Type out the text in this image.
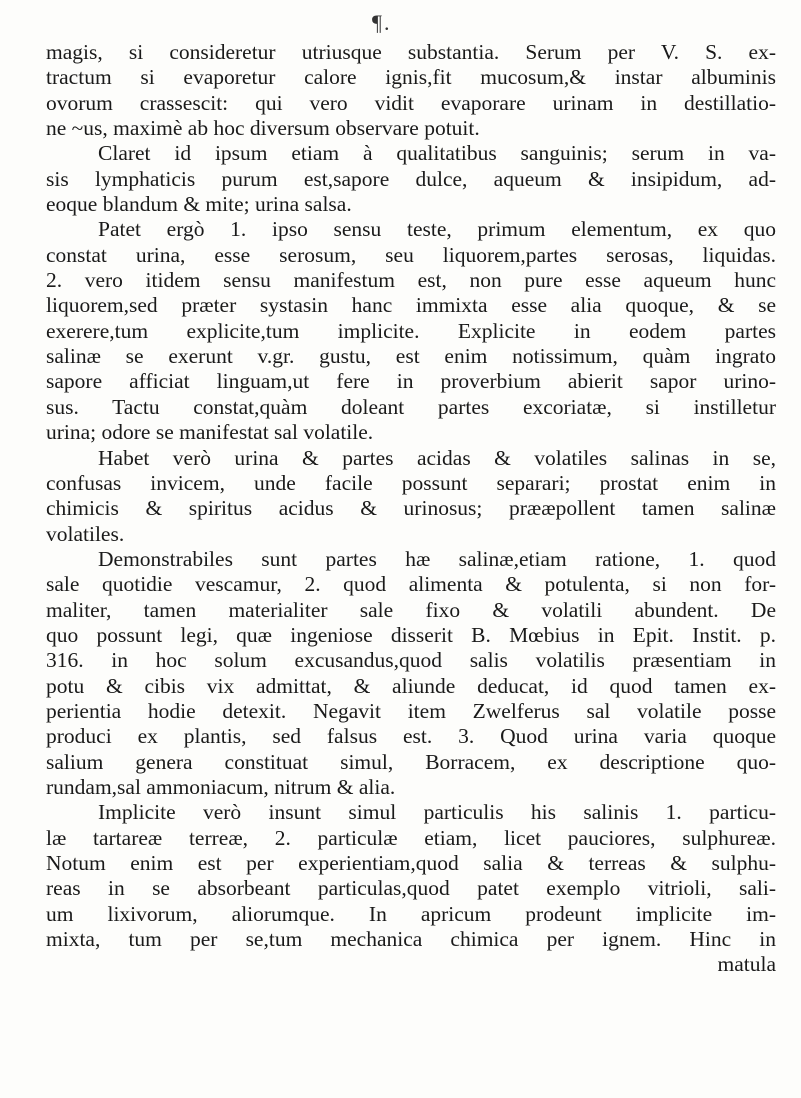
¶.
magis, si consideretur utriusque substantia. Serum per V. S. ex-
tractum si evaporetur calore ignis,fit mucosum,& instar albuminis
ovorum crassescit: qui vero vidit evaporare urinam in destillatio-
ne ~us, maximè ab hoc diversum observare potuit.
Claret id ipsum etiam à qualitatibus sanguinis; serum in va-
sis lymphaticis purum est,sapore dulce, aqueum & insipidum, ad-
eoque blandum & mite; urina salsa.
Patet ergò 1. ipso sensu teste, primum elementum, ex quo
constat urina, esse serosum, seu liquorem,partes serosas, liquidas.
2. vero itidem sensu manifestum est, non pure esse aqueum hunc
liquorem,sed præter systasin hanc immixta esse alia quoque, & se
exerere,tum explicite,tum implicite. Explicite in eodem partes
salinæ se exerunt v.gr. gustu, est enim notissimum, quàm ingrato
sapore afficiat linguam,ut fere in proverbium abierit sapor urino-
sus. Tactu constat,quàm doleant partes excoriatæ, si instilletur
urina; odore se manifestat sal volatile.
Habet verò urina & partes acidas & volatiles salinas in se,
confusas invicem, unde facile possunt separari; prostat enim in
chimicis & spiritus acidus & urinosus; prææpollent tamen salinæ
volatiles.
Demonstrabiles sunt partes hæ salinæ,etiam ratione, 1. quod
sale quotidie vescamur, 2. quod alimenta & potulenta, si non for-
maliter, tamen materialiter sale fixo & volatili abundent. De
quo possunt legi, quæ ingeniose disserit B. Mœbius in Epit. Instit. p.
316. in hoc solum excusandus,quod salis volatilis præsentiam in
potu & cibis vix admittat, & aliunde deducat, id quod tamen ex-
perientia hodie detexit. Negavit item Zwelferus sal volatile posse
produci ex plantis, sed falsus est. 3. Quod urina varia quoque
salium genera constituat simul, Borracem, ex descriptione quo-
rundam,sal ammoniacum, nitrum & alia.
Implicite verò insunt simul particulis his salinis 1. particu-
læ tartareæ terreæ, 2. particulæ etiam, licet pauciores, sulphureæ.
Notum enim est per experientiam,quod salia & terreas & sulphu-
reas in se absorbeant particulas,quod patet exemplo vitrioli, sali-
um lixivorum, aliorumque. In apricum prodeunt implicite im-
mixta, tum per se,tum mechanica chimica per ignem. Hinc in
matula
